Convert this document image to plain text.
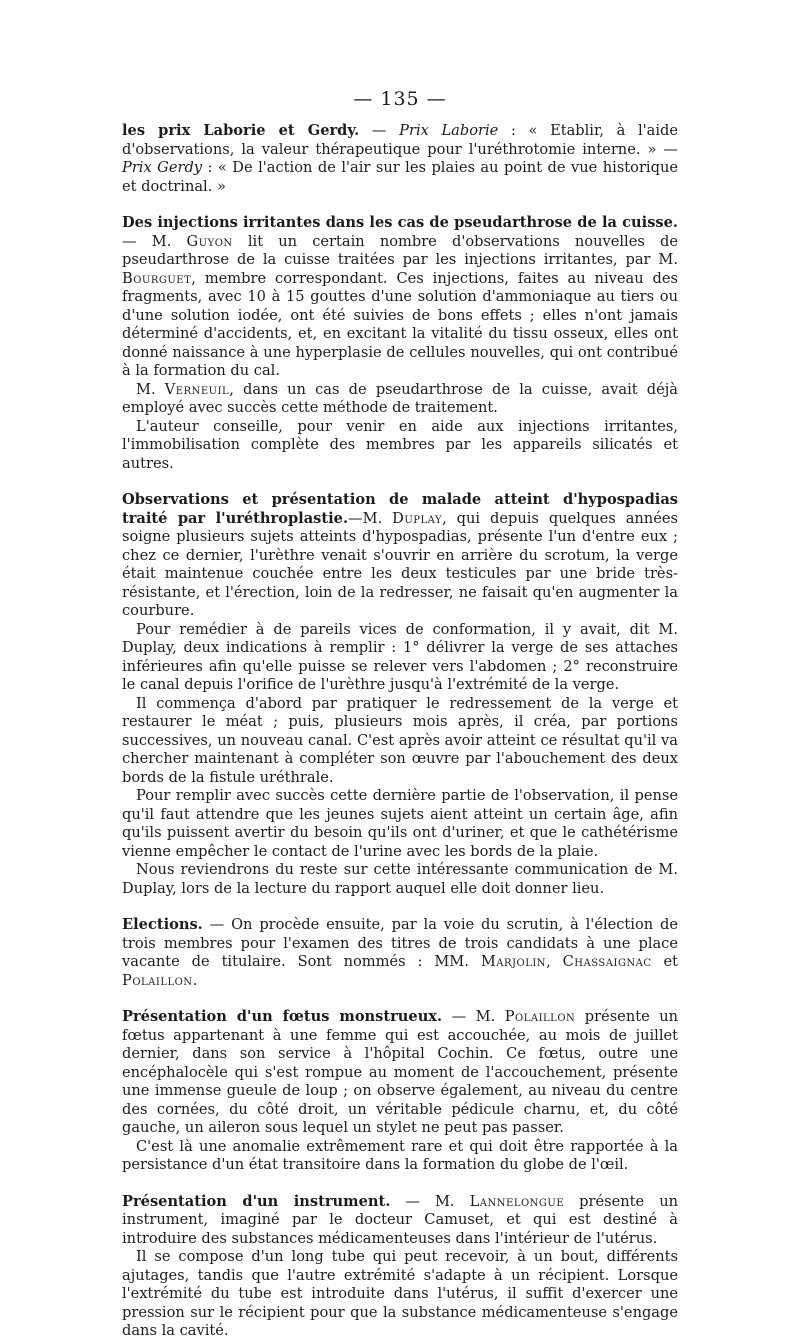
— 135 —

les prix Laborie et Gerdy. — Prix Laborie : « Etablir, à l'aide d'observations, la valeur thérapeutique pour l'uréthrotomie interne. » — Prix Gerdy : « De l'action de l'air sur les plaies au point de vue historique et doctrinal. »

Des injections irritantes dans les cas de pseudarthrose de la cuisse. — M. Guyon lit un certain nombre d'observations nouvelles de pseudarthrose de la cuisse traitées par les injections irritantes, par M. Bourguet, membre correspondant. Ces injections, faites au niveau des fragments, avec 10 à 15 gouttes d'une solution d'ammoniaque au tiers ou d'une solution iodée, ont été suivies de bons effets ; elles n'ont jamais déterminé d'accidents, et, en excitant la vitalité du tissu osseux, elles ont donné naissance à une hyperplasie de cellules nouvelles, qui ont contribué à la formation du cal.

M. Verneuil, dans un cas de pseudarthrose de la cuisse, avait déjà employé avec succès cette méthode de traitement.

L'auteur conseille, pour venir en aide aux injections irritantes, l'immobilisation complète des membres par les appareils silicatés et autres.

Observations et présentation de malade atteint d'hypospadias traité par l'uréthroplastie.—M. Duplay, qui depuis quelques années soigne plusieurs sujets atteints d'hypospadias, présente l'un d'entre eux ; chez ce dernier, l'urèthre venait s'ouvrir en arrière du scrotum, la verge était maintenue couchée entre les deux testicules par une bride très-résistante, et l'érection, loin de la redresser, ne faisait qu'en augmenter la courbure.

Pour remédier à de pareils vices de conformation, il y avait, dit M. Duplay, deux indications à remplir : 1° délivrer la verge de ses attaches inférieures afin qu'elle puisse se relever vers l'abdomen ; 2° reconstruire le canal depuis l'orifice de l'urèthre jusqu'à l'extrémité de la verge.

Il commença d'abord par pratiquer le redressement de la verge et restaurer le méat ; puis, plusieurs mois après, il créa, par portions successives, un nouveau canal. C'est après avoir atteint ce résultat qu'il va chercher maintenant à compléter son œuvre par l'abouchement des deux bords de la fistule uréthrale.

Pour remplir avec succès cette dernière partie de l'observation, il pense qu'il faut attendre que les jeunes sujets aient atteint un certain âge, afin qu'ils puissent avertir du besoin qu'ils ont d'uriner, et que le cathétérisme vienne empêcher le contact de l'urine avec les bords de la plaie.

Nous reviendrons du reste sur cette intéressante communication de M. Duplay, lors de la lecture du rapport auquel elle doit donner lieu.

Elections. — On procède ensuite, par la voie du scrutin, à l'élection de trois membres pour l'examen des titres de trois candidats à une place vacante de titulaire. Sont nommés : MM. Marjolin, Chassaignac et Polaillon.

Présentation d'un fœtus monstrueux. — M. Polaillon présente un fœtus appartenant à une femme qui est accouchée, au mois de juillet dernier, dans son service à l'hôpital Cochin. Ce fœtus, outre une encéphalocèle qui s'est rompue au moment de l'accouchement, présente une immense gueule de loup ; on observe également, au niveau du centre des cornées, du côté droit, un véritable pédicule charnu, et, du côté gauche, un aileron sous lequel un stylet ne peut pas passer.

C'est là une anomalie extrêmement rare et qui doit être rapportée à la persistance d'un état transitoire dans la formation du globe de l'œil.

Présentation d'un instrument. — M. Lannelongue présente un instrument, imaginé par le docteur Camuset, et qui est destiné à introduire des substances médicamenteuses dans l'intérieur de l'utérus.

Il se compose d'un long tube qui peut recevoir, à un bout, différents ajutages, tandis que l'autre extrémité s'adapte à un récipient. Lorsque l'extrémité du tube est introduite dans l'utérus, il suffit d'exercer une pression sur le récipient pour que la substance médicamenteuse s'engage dans la cavité.
